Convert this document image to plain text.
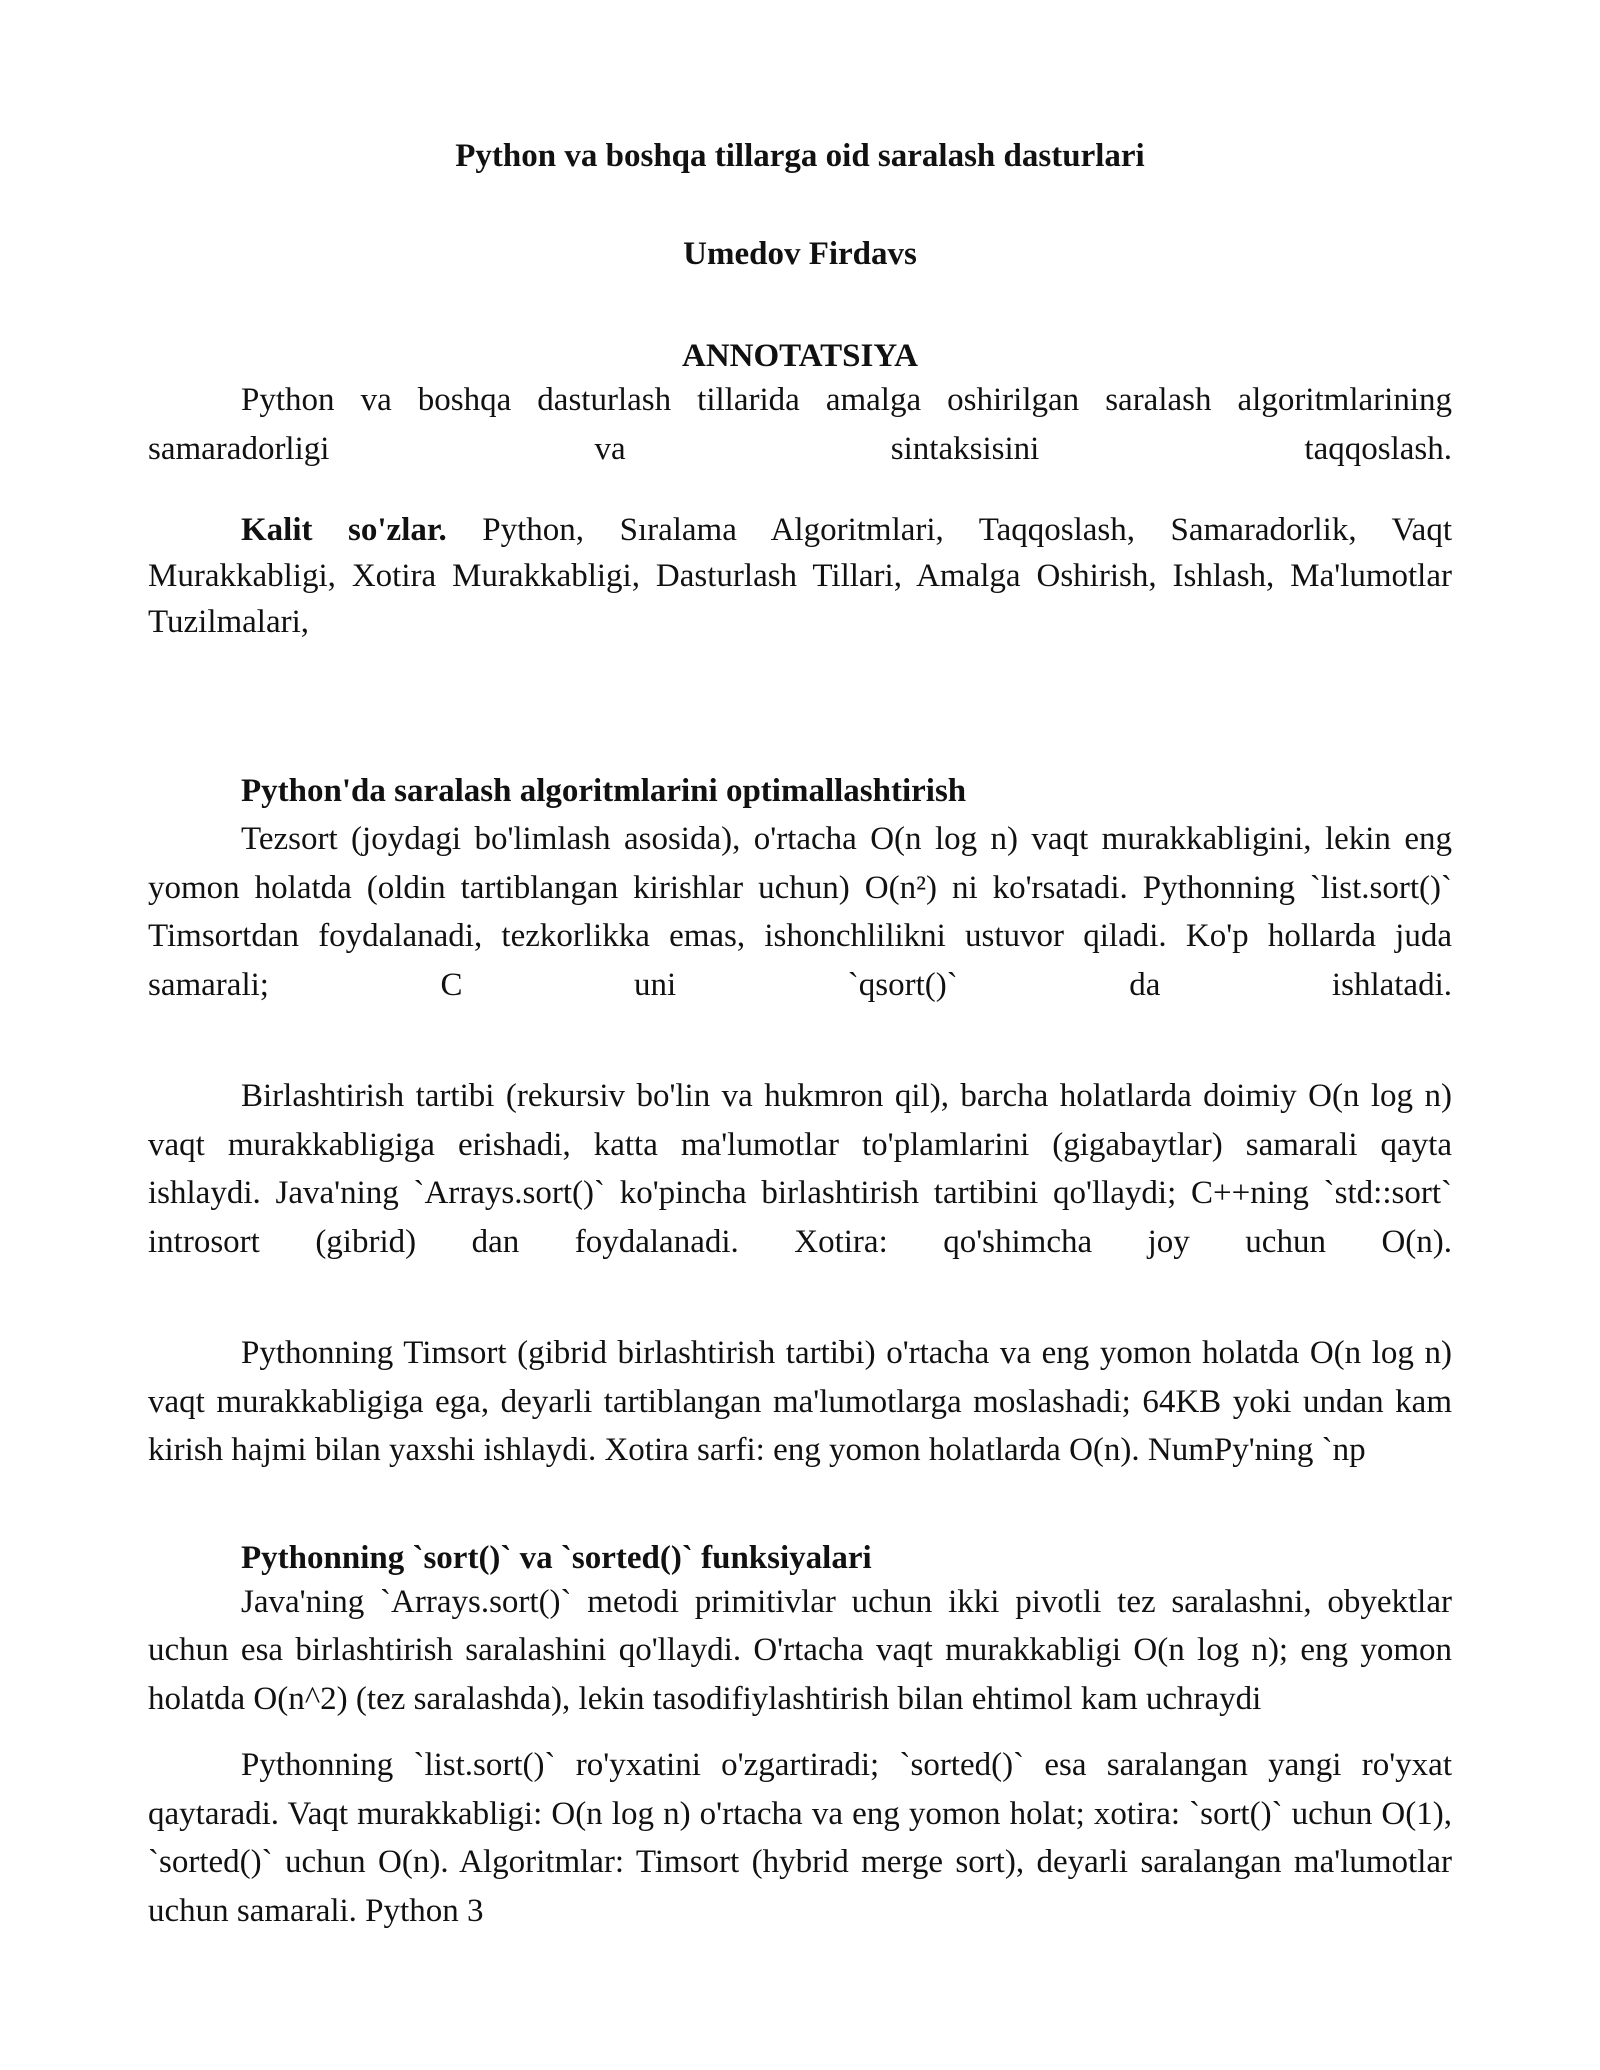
Python va boshqa tillarga oid saralash dasturlari

Umedov Firdavs

ANNOTATSIYA

Python va boshqa dasturlash tillarida amalga oshirilgan saralash algoritmlarining samaradorligi va sintaksisini taqqoslash.

Kalit so'zlar. Python, Sıralama Algoritmlari, Taqqoslash, Samaradorlik, Vaqt Murakkabligi, Xotira Murakkabligi, Dasturlash Tillari, Amalga Oshirish, Ishlash, Ma'lumotlar Tuzilmalari,

Python'da saralash algoritmlarini optimallashtirish

Tezsort (joydagi bo'limlash asosida), o'rtacha O(n log n) vaqt murakkabligini, lekin eng yomon holatda (oldin tartiblangan kirishlar uchun) O(n²) ni ko'rsatadi. Pythonning `list.sort()` Timsortdan foydalanadi, tezkorlikka emas, ishonchlilikni ustuvor qiladi. Ko'p hollarda juda samarali; C uni `qsort()` da ishlatadi.

Birlashtirish tartibi (rekursiv bo'lin va hukmron qil), barcha holatlarda doimiy O(n log n) vaqt murakkabligiga erishadi, katta ma'lumotlar to'plamlarini (gigabaytlar) samarali qayta ishlaydi. Java'ning `Arrays.sort()` ko'pincha birlashtirish tartibini qo'llaydi; C++ning `std::sort` introsort (gibrid) dan foydalanadi. Xotira: qo'shimcha joy uchun O(n).

Pythonning Timsort (gibrid birlashtirish tartibi) o'rtacha va eng yomon holatda O(n log n) vaqt murakkabligiga ega, deyarli tartiblangan ma'lumotlarga moslashadi; 64KB yoki undan kam kirish hajmi bilan yaxshi ishlaydi. Xotira sarfi: eng yomon holatlarda O(n). NumPy'ning `np

Pythonning `sort()` va `sorted()` funksiyalari

Java'ning `Arrays.sort()` metodi primitivlar uchun ikki pivotli tez saralashni, obyektlar uchun esa birlashtirish saralashini qo'llaydi. O'rtacha vaqt murakkabligi O(n log n); eng yomon holatda O(n^2) (tez saralashda), lekin tasodifiylashtirish bilan ehtimol kam uchraydi

Pythonning `list.sort()` ro'yxatini o'zgartiradi; `sorted()` esa saralangan yangi ro'yxat qaytaradi. Vaqt murakkabligi: O(n log n) o'rtacha va eng yomon holat; xotira: `sort()` uchun O(1), `sorted()` uchun O(n). Algoritmlar: Timsort (hybrid merge sort), deyarli saralangan ma'lumotlar uchun samarali. Python 3
